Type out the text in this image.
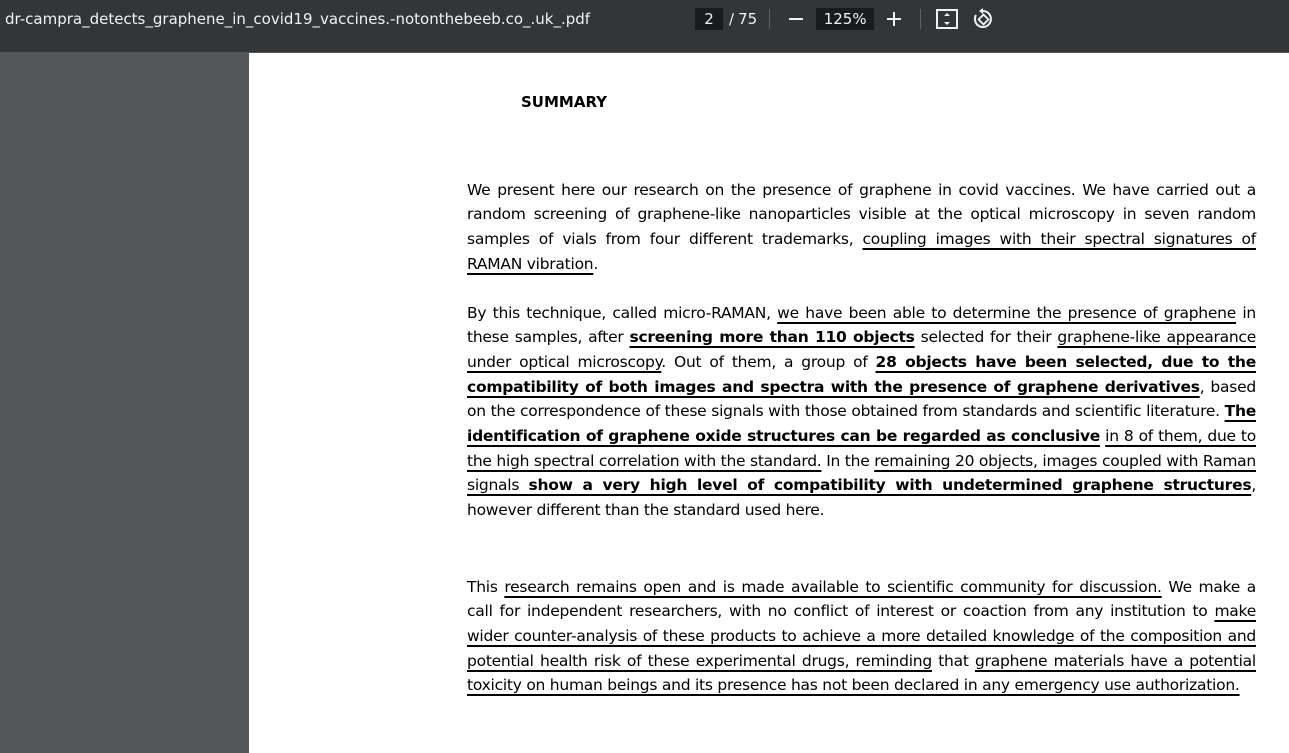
dr-campra_detects_graphene_in_covid19_vaccines.-notonthebeeb.co_.uk_.pdf
2	/ 75
125%
SUMMARY

We present here our research on the presence of graphene in covid vaccines. We have carried out a random screening of graphene-like nanoparticles visible at the optical microscopy in seven random samples of vials from four different trademarks, coupling images with their spectral signatures of RAMAN vibration.

By this technique, called micro-RAMAN, we have been able to determine the presence of graphene in these samples, after screening more than 110 objects selected for their graphene-like appearance under optical microscopy. Out of them, a group of 28 objects have been selected, due to the compatibility of both images and spectra with the presence of graphene derivatives, based on the correspondence of these signals with those obtained from standards and scientific literature. The identification of graphene oxide structures can be regarded as conclusive in 8 of them, due to the high spectral correlation with the standard. In the remaining 20 objects, images coupled with Raman signals show a very high level of compatibility with undetermined graphene structures, however different than the standard used here.

This research remains open and is made available to scientific community for discussion. We make a call for independent researchers, with no conflict of interest or coaction from any institution to make wider counter-analysis of these products to achieve a more detailed knowledge of the composition and potential health risk of these experimental drugs, reminding that graphene materials have a potential toxicity on human beings and its presence has not been declared in any emergency use authorization.
